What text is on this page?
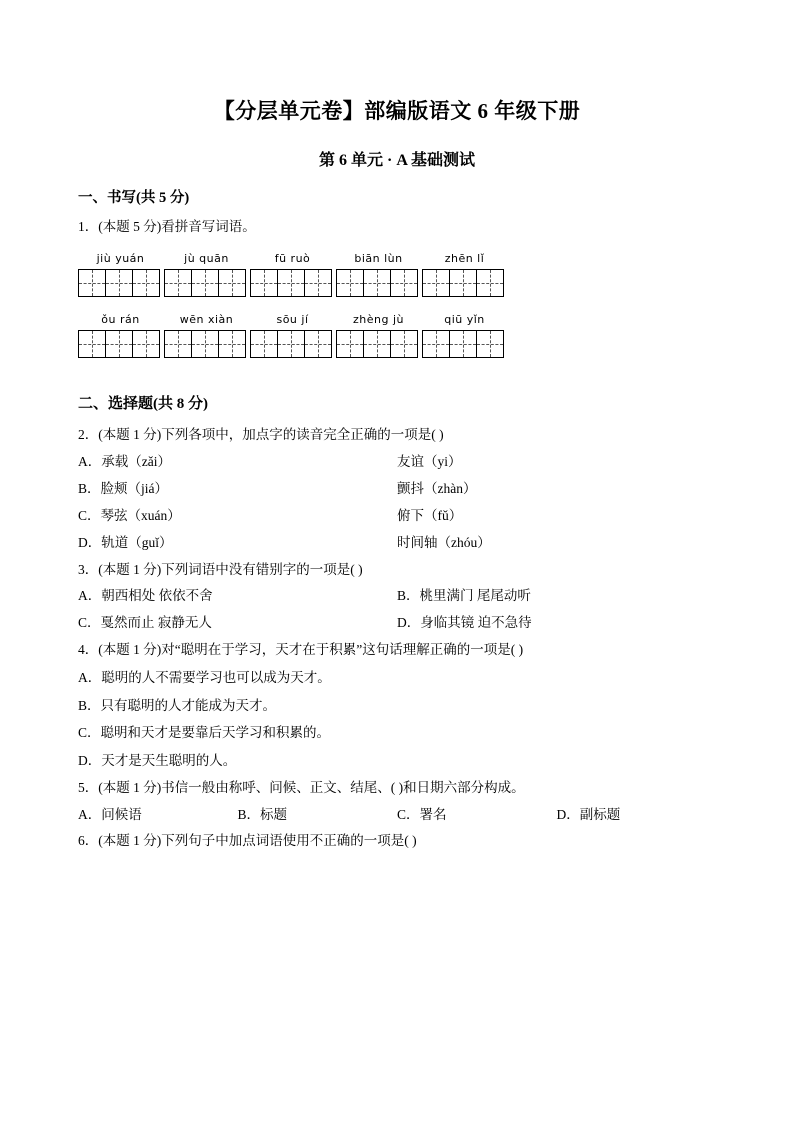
【分层单元卷】部编版语文 6 年级下册
第 6 单元 · A 基础测试
一、书写(共 5 分)
1．(本题 5 分)看拼音写词语。
jiù yuán	jù quān	fū ruò	biān lùn	zhēn lǐ
ǒu rán	wēn xiàn	sōu jí	zhèng jù	qiū yǐn
二、选择题(共 8 分)
2．(本题 1 分)下列各项中，加点字的读音完全正确的一项是( )
A．承载（zǎi）	友谊（yi）
B．脸颊（jiá）	颤抖（zhàn）
C．琴弦（xuán）	俯下（fǔ）
D．轨道（guǐ）	时间轴（zhóu）
3．(本题 1 分)下列词语中没有错别字的一项是( )
A．朝西相处 依依不舍	B．桃里满门 尾尾动听
C．戛然而止 寂静无人	D．身临其镜 迫不急待
4．(本题 1 分)对“聪明在于学习，天才在于积累”这句话理解正确的一项是( )
A．聪明的人不需要学习也可以成为天才。
B．只有聪明的人才能成为天才。
C．聪明和天才是要靠后天学习和积累的。
D．天才是天生聪明的人。
5．(本题 1 分)书信一般由称呼、问候、正文、结尾、( )和日期六部分构成。
A．问候语	B．标题	C．署名	D．副标题
6．(本题 1 分)下列句子中加点词语使用不正确的一项是( )
